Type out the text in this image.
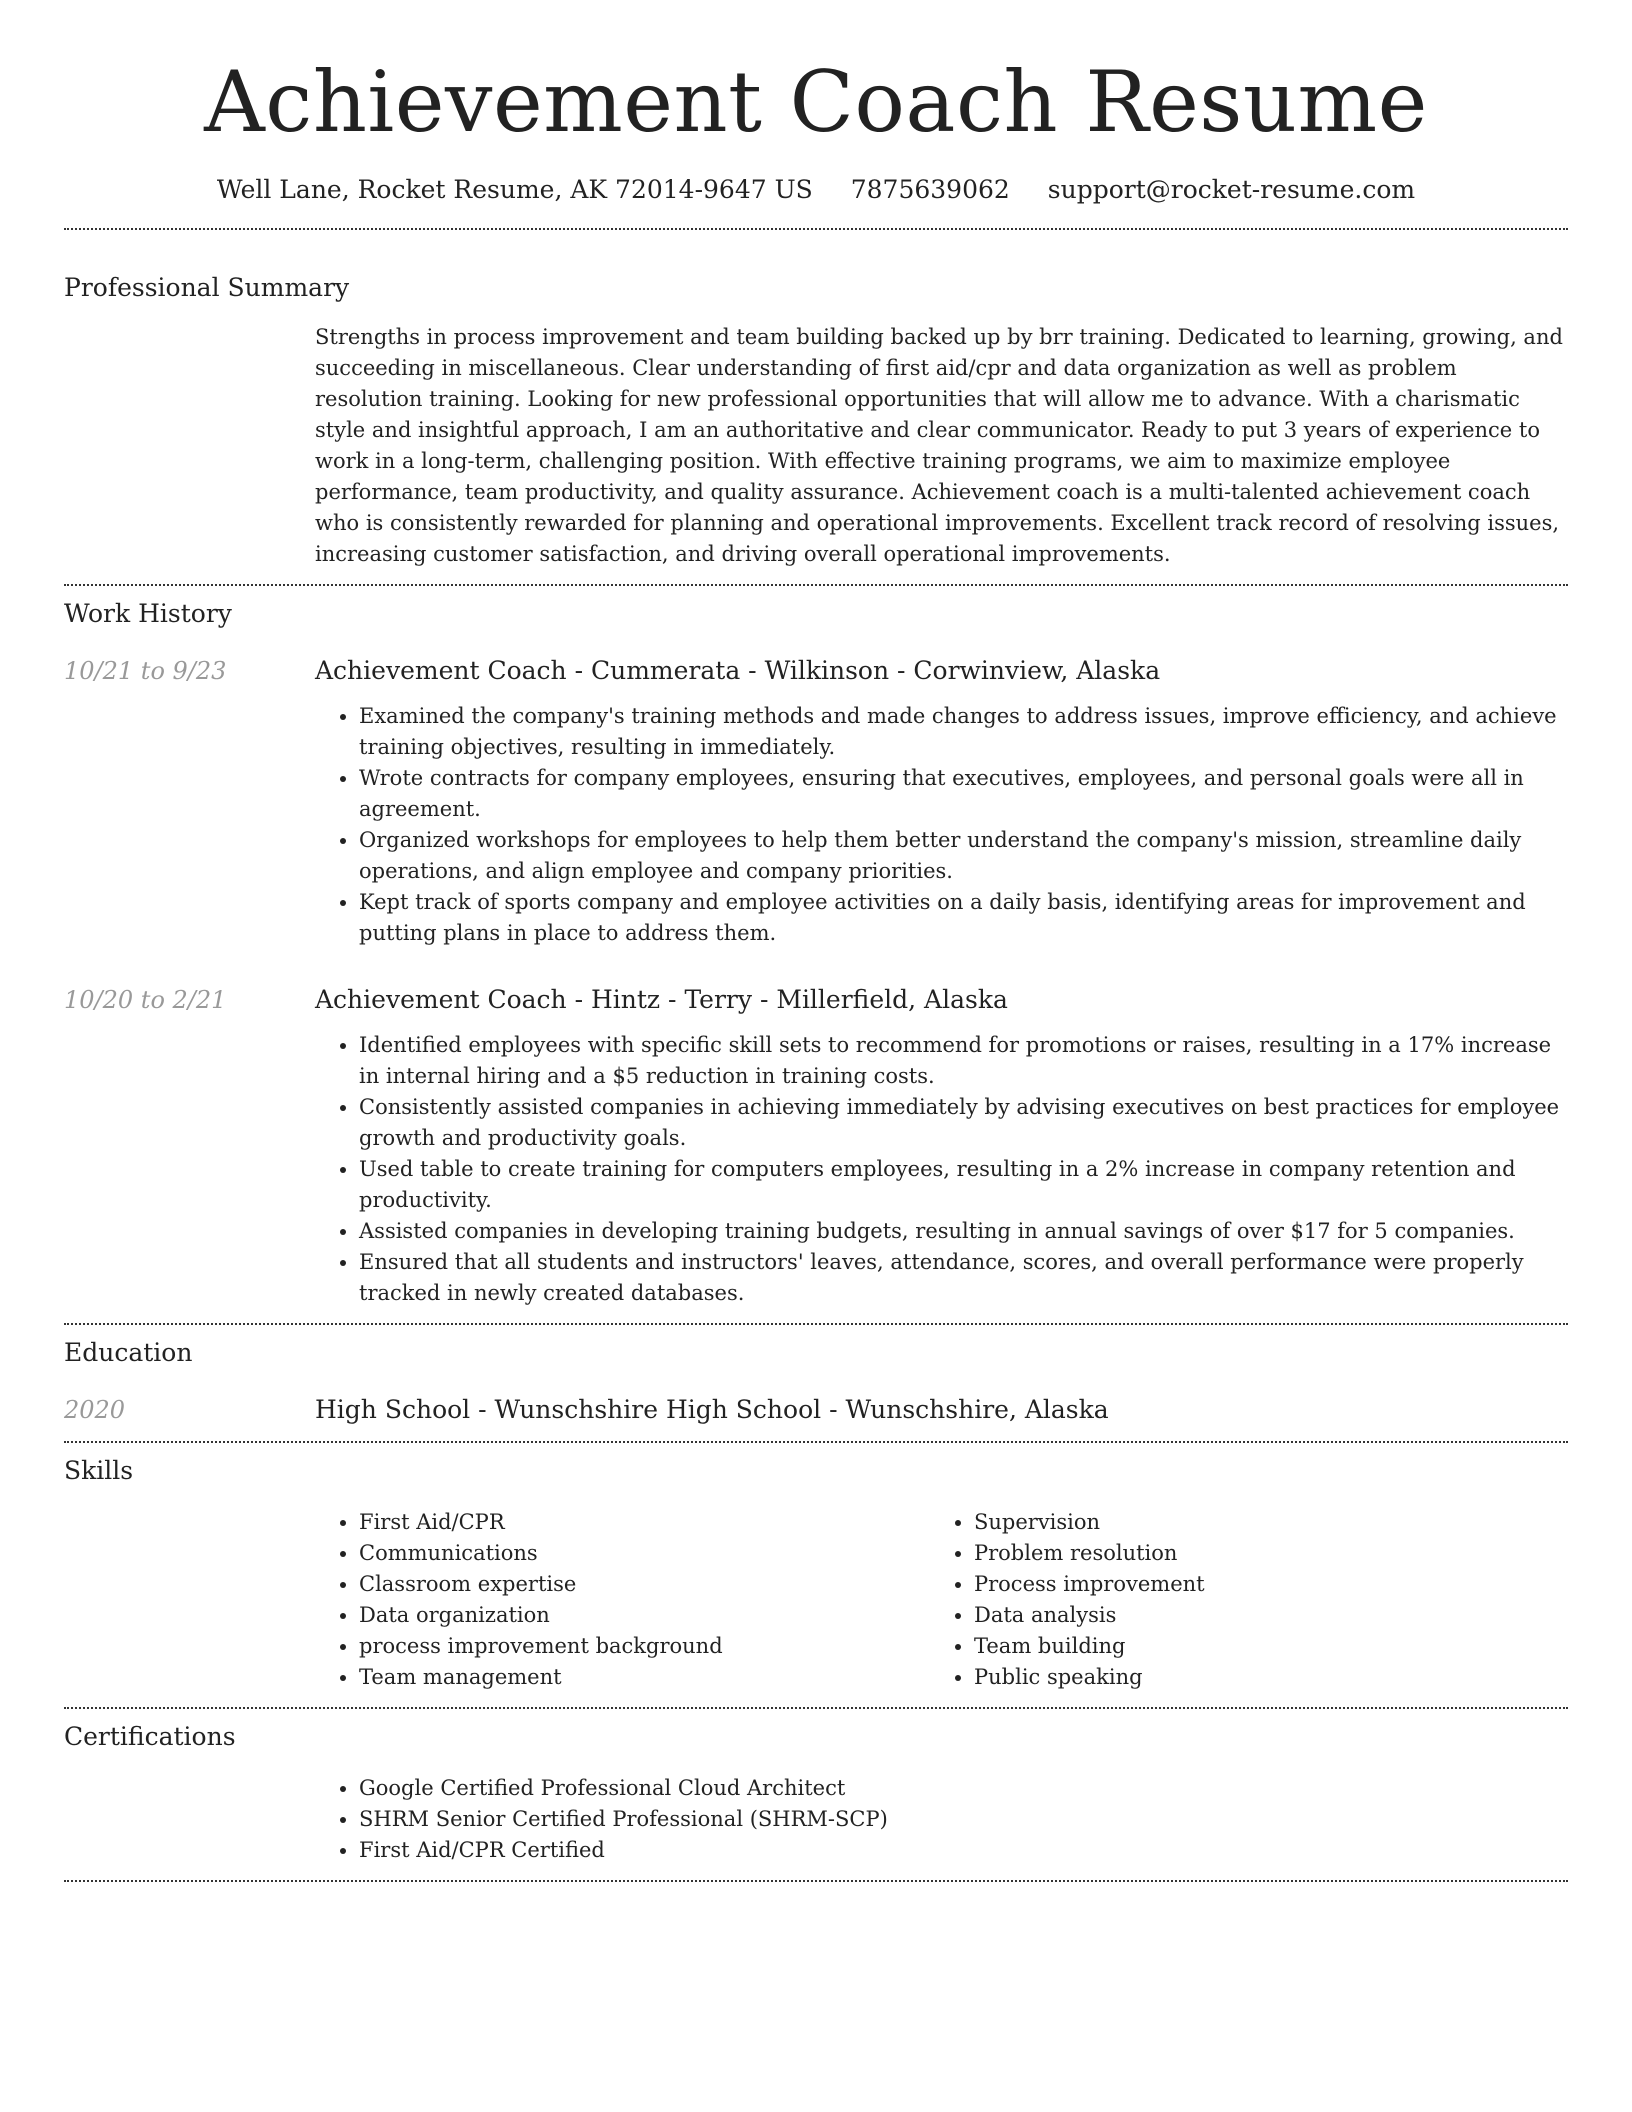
Achievement Coach Resume
Well Lane, Rocket Resume, AK 72014-9647 US 7875639062 support@rocket-resume.com
Professional Summary

Strengths in process improvement and team building backed up by brr training. Dedicated to learning, growing, and succeeding in miscellaneous. Clear understanding of first aid/cpr and data organization as well as problem resolution training. Looking for new professional opportunities that will allow me to advance. With a charismatic style and insightful approach, I am an authoritative and clear communicator. Ready to put 3 years of experience to work in a long-term, challenging position. With effective training programs, we aim to maximize employee performance, team productivity, and quality assurance. Achievement coach is a multi-talented achievement coach who is consistently rewarded for planning and operational improvements. Excellent track record of resolving issues, increasing customer satisfaction, and driving overall operational improvements.

Work History
10/21 to 9/23	Achievement Coach - Cummerata - Wilkinson - Corwinview, Alaska
• Examined the company's training methods and made changes to address issues, improve efficiency, and achieve training objectives, resulting in immediately.
• Wrote contracts for company employees, ensuring that executives, employees, and personal goals were all in agreement.
• Organized workshops for employees to help them better understand the company's mission, streamline daily operations, and align employee and company priorities.
• Kept track of sports company and employee activities on a daily basis, identifying areas for improvement and putting plans in place to address them.
10/20 to 2/21	Achievement Coach - Hintz - Terry - Millerfield, Alaska
• Identified employees with specific skill sets to recommend for promotions or raises, resulting in a 17% increase in internal hiring and a $5 reduction in training costs.
• Consistently assisted companies in achieving immediately by advising executives on best practices for employee growth and productivity goals.
• Used table to create training for computers employees, resulting in a 2% increase in company retention and productivity.
• Assisted companies in developing training budgets, resulting in annual savings of over $17 for 5 companies.
• Ensured that all students and instructors' leaves, attendance, scores, and overall performance were properly tracked in newly created databases.
Education
2020	High School - Wunschshire High School - Wunschshire, Alaska
Skills
• First Aid/CPR
• Communications
• Classroom expertise
• Data organization
• process improvement background
• Team management
• Supervision
• Problem resolution
• Process improvement
• Data analysis
• Team building
• Public speaking
Certifications
• Google Certified Professional Cloud Architect
• SHRM Senior Certified Professional (SHRM-SCP)
• First Aid/CPR Certified
